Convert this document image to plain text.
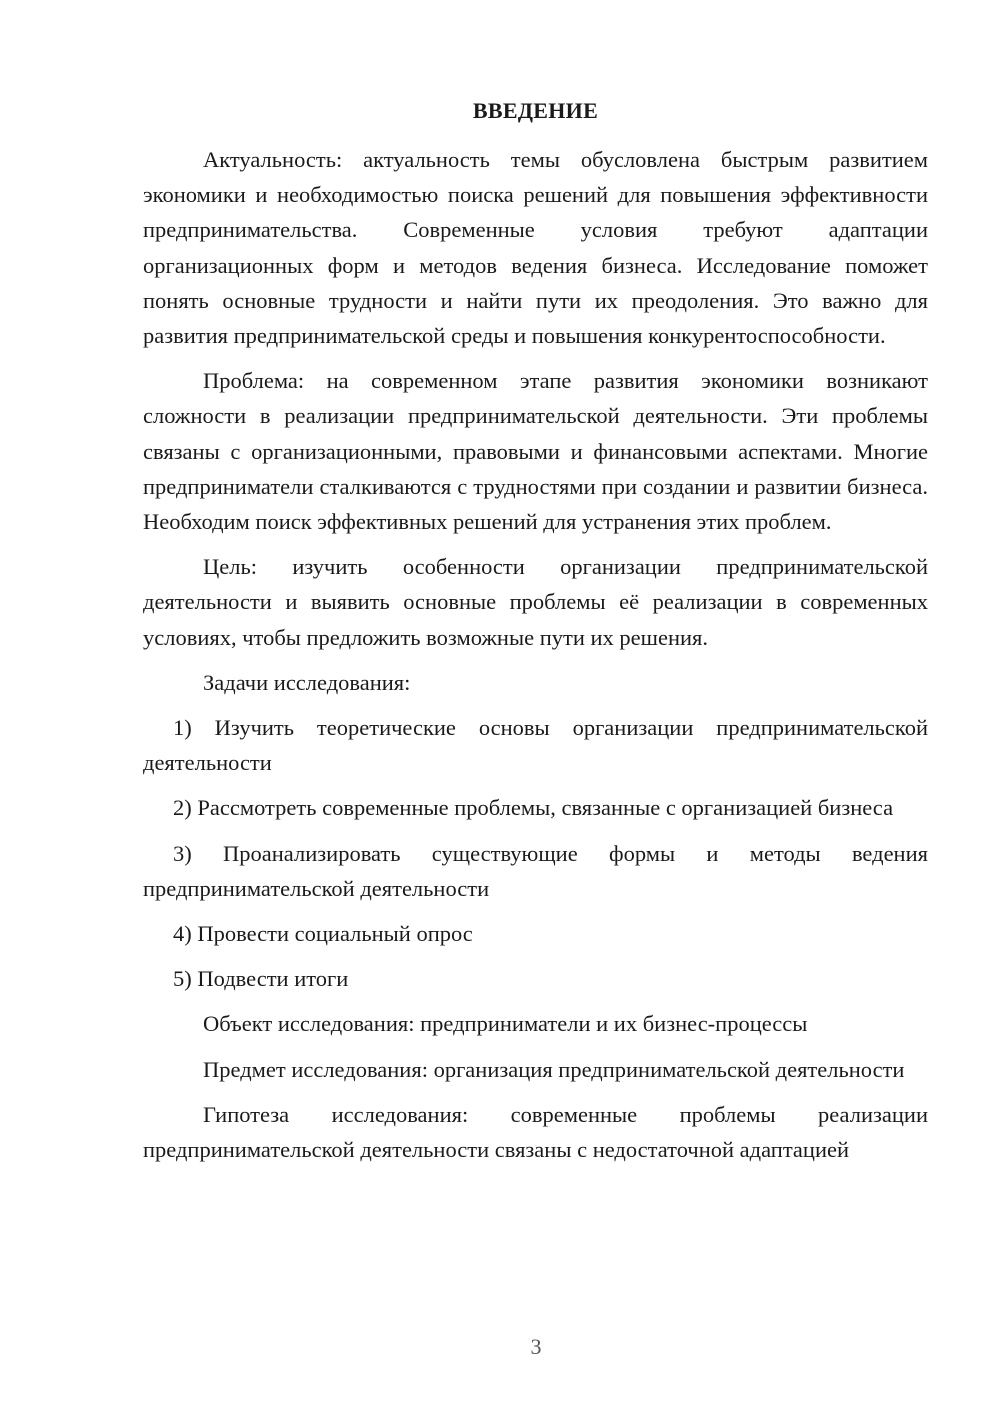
ВВЕДЕНИЕ

Актуальность: актуальность темы обусловлена быстрым развитием экономики и необходимостью поиска решений для повышения эффективности предпринимательства. Современные условия требуют адаптации организационных форм и методов ведения бизнеса. Исследование поможет понять основные трудности и найти пути их преодоления. Это важно для развития предпринимательской среды и повышения конкурентоспособности.

Проблема: на современном этапе развития экономики возникают сложности в реализации предпринимательской деятельности. Эти проблемы связаны с организационными, правовыми и финансовыми аспектами. Многие предприниматели сталкиваются с трудностями при создании и развитии бизнеса. Необходим поиск эффективных решений для устранения этих проблем.

Цель: изучить особенности организации предпринимательской деятельности и выявить основные проблемы её реализации в современных условиях, чтобы предложить возможные пути их решения.

Задачи исследования:

1) Изучить теоретические основы организации предпринимательской деятельности

2) Рассмотреть современные проблемы, связанные с организацией бизнеса

3) Проанализировать существующие формы и методы ведения предпринимательской деятельности

4) Провести социальный опрос

5) Подвести итоги

Объект исследования: предприниматели и их бизнес-процессы

Предмет исследования: организация предпринимательской деятельности

Гипотеза исследования: современные проблемы реализации предпринимательской деятельности связаны с недостаточной адаптацией

3
